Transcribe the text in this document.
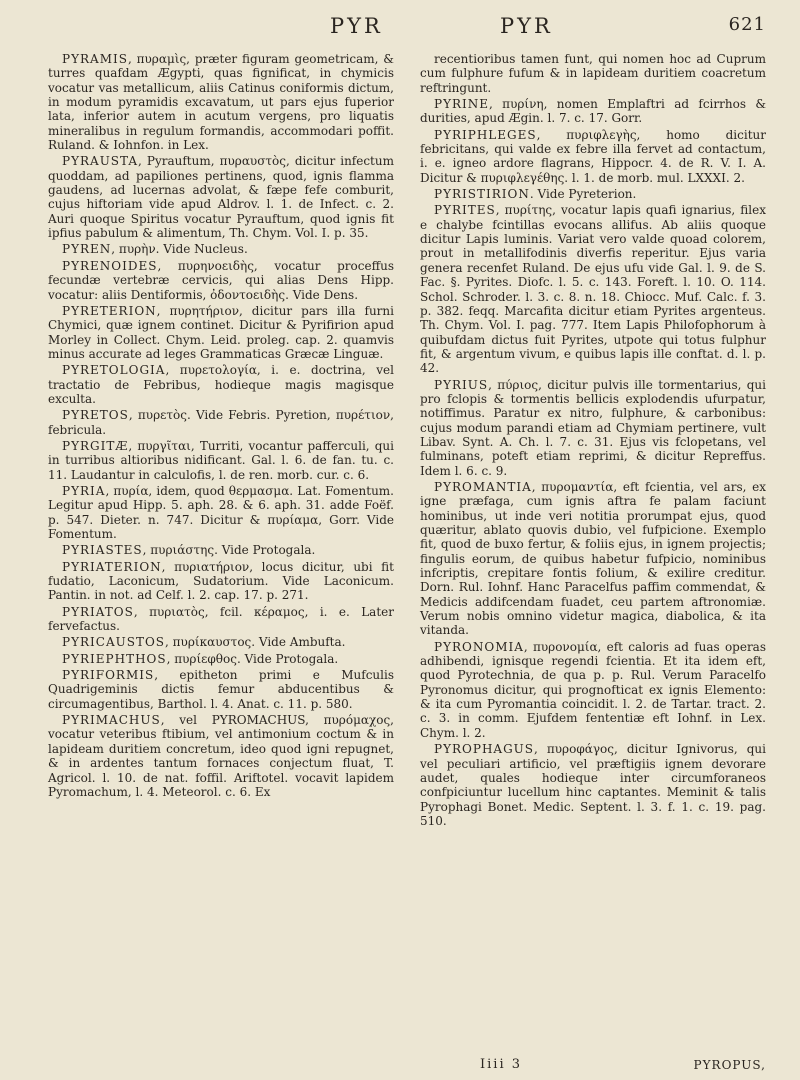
PYR	PYR	621

PYRAMIS, πυραμὶς, præter figuram geometricam, & turres quafdam Ægypti, quas fignificat, in chymicis vocatur vas metallicum, aliis Catinus coniformis dictum, in modum pyramidis excavatum, ut pars ejus fuperior lata, inferior autem in acutum vergens, pro liquatis mineralibus in regulum formandis, accommodari poffit. Ruland. & Iohnfon. in Lex.

PYRAUSTA, Pyrauftum, πυραυστὸς, dicitur infectum quoddam, ad papiliones pertinens, quod, ignis flamma gaudens, ad lucernas advolat, & fæpe fefe comburit, cujus hiftoriam vide apud Aldrov. l. 1. de Infect. c. 2. Auri quoque Spiritus vocatur Pyrauftum, quod ignis fit ipfius pabulum & alimentum, Th. Chym. Vol. I. p. 35.

PYREN, πυρὴν. Vide Nucleus.

PYRENOIDES, πυρηνοειδὴς, vocatur proceffus fecundæ vertebræ cervicis, qui alias Dens Hipp. vocatur: aliis Dentiformis, ὀδοντοειδὴς. Vide Dens.

PYRETERION, πυρητήριον, dicitur pars illa furni Chymici, quæ ignem continet. Dicitur & Pyrifirion apud Morley in Collect. Chym. Leid. proleg. cap. 2. quamvis minus accurate ad leges Grammaticas Græcæ Linguæ.

PYRETOLOGIA, πυρετολογία, i. e. doctrina, vel tractatio de Febribus, hodieque magis magisque exculta.

PYRETOS, πυρετὸς. Vide Febris. Pyretion, πυρέτιον, febricula.

PYRGITÆ, πυργῖται, Turriti, vocantur pafferculi, qui in turribus altioribus nidificant. Gal. l. 6. de fan. tu. c. 11. Laudantur in calculofis, l. de ren. morb. cur. c. 6.

PYRIA, πυρία, idem, quod θερμασμα. Lat. Fomentum. Legitur apud Hipp. 5. aph. 28. & 6. aph. 31. adde Foëf. p. 547. Dieter. n. 747. Dicitur & πυρίαμα, Gorr. Vide Fomentum.

PYRIASTES, πυριάστης. Vide Protogala.

PYRIATERION, πυριατήριον, locus dicitur, ubi fit fudatio, Laconicum, Sudatorium. Vide Laconicum. Pantin. in not. ad Celf. l. 2. cap. 17. p. 271.

PYRIATOS, πυριατὸς, fcil. κέραμος, i. e. Later fervefactus.

PYRICAUSTOS, πυρίκαυστος. Vide Ambufta.

PYRIEPHTHOS, πυρίεφθος. Vide Protogala.

PYRIFORMIS, epitheton primi e Mufculis Quadrigeminis dictis femur abducentibus & circumagentibus, Barthol. l. 4. Anat. c. 11. p. 580.

PYRIMACHUS, vel PYROMACHUS, πυρόμαχος, vocatur veteribus ftibium, vel antimonium coctum & in lapideam duritiem concretum, ideo quod igni repugnet, & in ardentes tantum fornaces conjectum fluat, T. Agricol. l. 10. de nat. foffil. Ariftotel. vocavit lapidem Pyromachum, l. 4. Meteorol. c. 6. Ex

recentioribus tamen funt, qui nomen hoc ad Cuprum cum fulphure fufum & in lapideam duritiem coacretum reftringunt.

PYRINE, πυρίνη, nomen Emplaftri ad fcirrhos & durities, apud Ægin. l. 7. c. 17. Gorr.

PYRIPHLEGES, πυριφλεγὴς, homo dicitur febricitans, qui valde ex febre illa fervet ad contactum, i. e. igneo ardore flagrans, Hippocr. 4. de R. V. I. A. Dicitur & πυριφλεγέθης. l. 1. de morb. mul. LXXXI. 2.

PYRISTIRION. Vide Pyreterion.

PYRITES, πυρίτης, vocatur lapis quafi ignarius, filex e chalybe fcintillas evocans allifus. Ab aliis quoque dicitur Lapis luminis. Variat vero valde quoad colorem, prout in metallifodinis diverfis reperitur. Ejus varia genera recenfet Ruland. De ejus ufu vide Gal. l. 9. de S. Fac. §. Pyrites. Diofc. l. 5. c. 143. Foreft. l. 10. O. 114. Schol. Schroder. l. 3. c. 8. n. 18. Chiocc. Muf. Calc. f. 3. p. 382. feqq. Marcafita dicitur etiam Pyrites argenteus. Th. Chym. Vol. I. pag. 777. Item Lapis Philofophorum à quibufdam dictus fuit Pyrites, utpote qui totus fulphur fit, & argentum vivum, e quibus lapis ille conftat. d. l. p. 42.

PYRIUS, πύριος, dicitur pulvis ille tormentarius, qui pro fclopis & tormentis bellicis explodendis ufurpatur, notiffimus. Paratur ex nitro, fulphure, & carbonibus: cujus modum parandi etiam ad Chymiam pertinere, vult Libav. Synt. A. Ch. l. 7. c. 31. Ejus vis fclopetans, vel fulminans, poteft etiam reprimi, & dicitur Repreffus. Idem l. 6. c. 9.

PYROMANTIA, πυρομαντία, eft fcientia, vel ars, ex igne præfaga, cum ignis aftra fe palam faciunt hominibus, ut inde veri notitia prorumpat ejus, quod quæritur, ablato quovis dubio, vel fufpicione. Exemplo fit, quod de buxo fertur, & foliis ejus, in ignem projectis; fingulis eorum, de quibus habetur fufpicio, nominibus infcriptis, crepitare fontis folium, & exilire creditur. Dorn. Rul. Iohnf. Hanc Paracelfus paffim commendat, & Medicis addifcendam fuadet, ceu partem aftronomiæ. Verum nobis omnino videtur magica, diabolica, & ita vitanda.

PYRONOMIA, πυρονομία, eft caloris ad fuas operas adhibendi, ignisque regendi fcientia. Et ita idem eft, quod Pyrotechnia, de qua p. p. Rul. Verum Paracelfo Pyronomus dicitur, qui prognofticat ex ignis Elemento: & ita cum Pyromantia coincidit. l. 2. de Tartar. tract. 2. c. 3. in comm. Ejufdem fententiæ eft Iohnf. in Lex. Chym. l. 2.

PYROPHAGUS, πυροφάγος, dicitur Ignivorus, qui vel peculiari artificio, vel præftigiis ignem devorare audet, quales hodieque inter circumforaneos confpiciuntur lucellum hinc captantes. Meminit & talis Pyrophagi Bonet. Medic. Septent. l. 3. f. 1. c. 19. pag. 510.

Iiii 3	PYROPUS,
